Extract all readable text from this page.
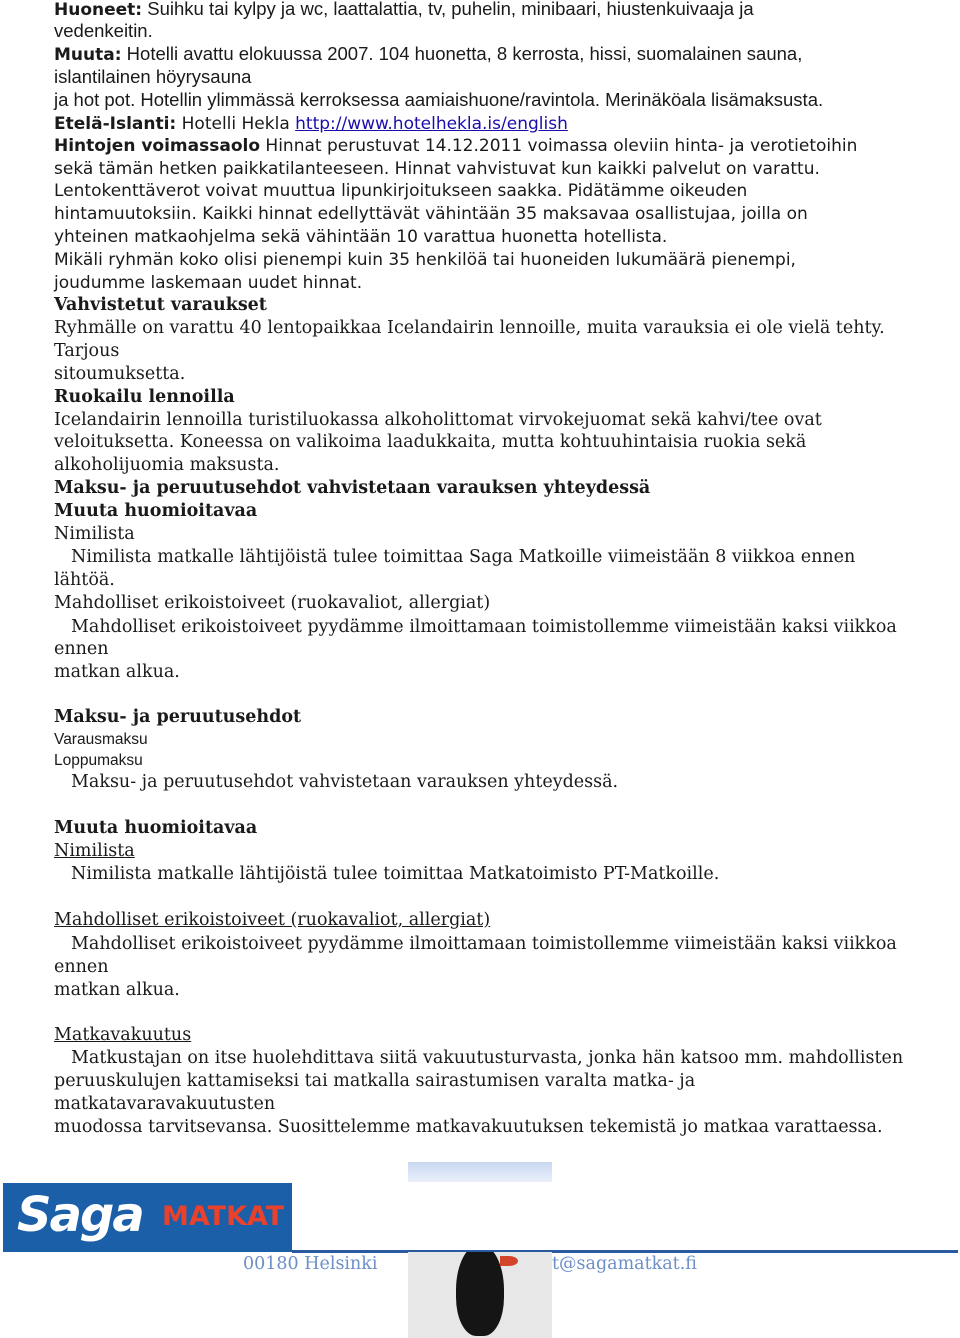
Huoneet: Suihku tai kylpy ja wc, laattalattia, tv, puhelin, minibaari, hiustenkuivaaja ja
vedenkeitin.
Muuta: Hotelli avattu elokuussa 2007. 104 huonetta, 8 kerrosta, hissi, suomalainen sauna,
islantilainen höyrysauna
ja hot pot. Hotellin ylimmässä kerroksessa aamiaishuone/ravintola. Merinäköala lisämaksusta.
Etelä-Islanti: Hotelli Hekla http://www.hotelhekla.is/english
Hintojen voimassaolo Hinnat perustuvat 14.12.2011 voimassa oleviin hinta- ja verotietoihin
sekä tämän hetken paikkatilanteeseen. Hinnat vahvistuvat kun kaikki palvelut on varattu.
Lentokenttäverot voivat muuttua lipunkirjoitukseen saakka. Pidätämme oikeuden
hintamuutoksiin. Kaikki hinnat edellyttävät vähintään 35 maksavaa osallistujaa, joilla on
yhteinen matkaohjelma sekä vähintään 10 varattua huonetta hotellista.
Mikäli ryhmän koko olisi pienempi kuin 35 henkilöä tai huoneiden lukumäärä pienempi,
joudumme laskemaan uudet hinnat.
Vahvistetut varaukset
Ryhmälle on varattu 40 lentopaikkaa Icelandairin lennoille, muita varauksia ei ole vielä tehty.
Tarjous
sitoumuksetta.
Ruokailu lennoilla
Icelandairin lennoilla turistiluokassa alkoholittomat virvokejuomat sekä kahvi/tee ovat
veloituksetta. Koneessa on valikoima laadukkaita, mutta kohtuuhintaisia ruokia sekä
alkoholijuomia maksusta.
Maksu- ja peruutusehdot vahvistetaan varauksen yhteydessä
Muuta huomioitavaa
Nimilista
Nimilista matkalle lähtijöistä tulee toimittaa Saga Matkoille viimeistään 8 viikkoa ennen
lähtöä.
Mahdolliset erikoistoiveet (ruokavaliot, allergiat)
Mahdolliset erikoistoiveet pyydämme ilmoittamaan toimistollemme viimeistään kaksi viikkoa
ennen
matkan alkua.
Maksu- ja peruutusehdot
Varausmaksu
Loppumaksu
Maksu- ja peruutusehdot vahvistetaan varauksen yhteydessä.
Muuta huomioitavaa
Nimilista
Nimilista matkalle lähtijöistä tulee toimittaa Matkatoimisto PT-Matkoille.
Mahdolliset erikoistoiveet (ruokavaliot, allergiat)
Mahdolliset erikoistoiveet pyydämme ilmoittamaan toimistollemme viimeistään kaksi viikkoa
ennen
matkan alkua.
Matkavakuutus
Matkustajan on itse huolehdittava siitä vakuutusturvasta, jonka hän katsoo mm. mahdollisten
peruuskulujen kattamiseksi tai matkalla sairastumisen varalta matka- ja
matkatavaravakuutusten
muodossa tarvitsevansa. Suosittelemme matkavakuutuksen tekemistä jo matkaa varattaessa.
Saga MATKAT
00180 Helsinki	t@sagamatkat.fi
